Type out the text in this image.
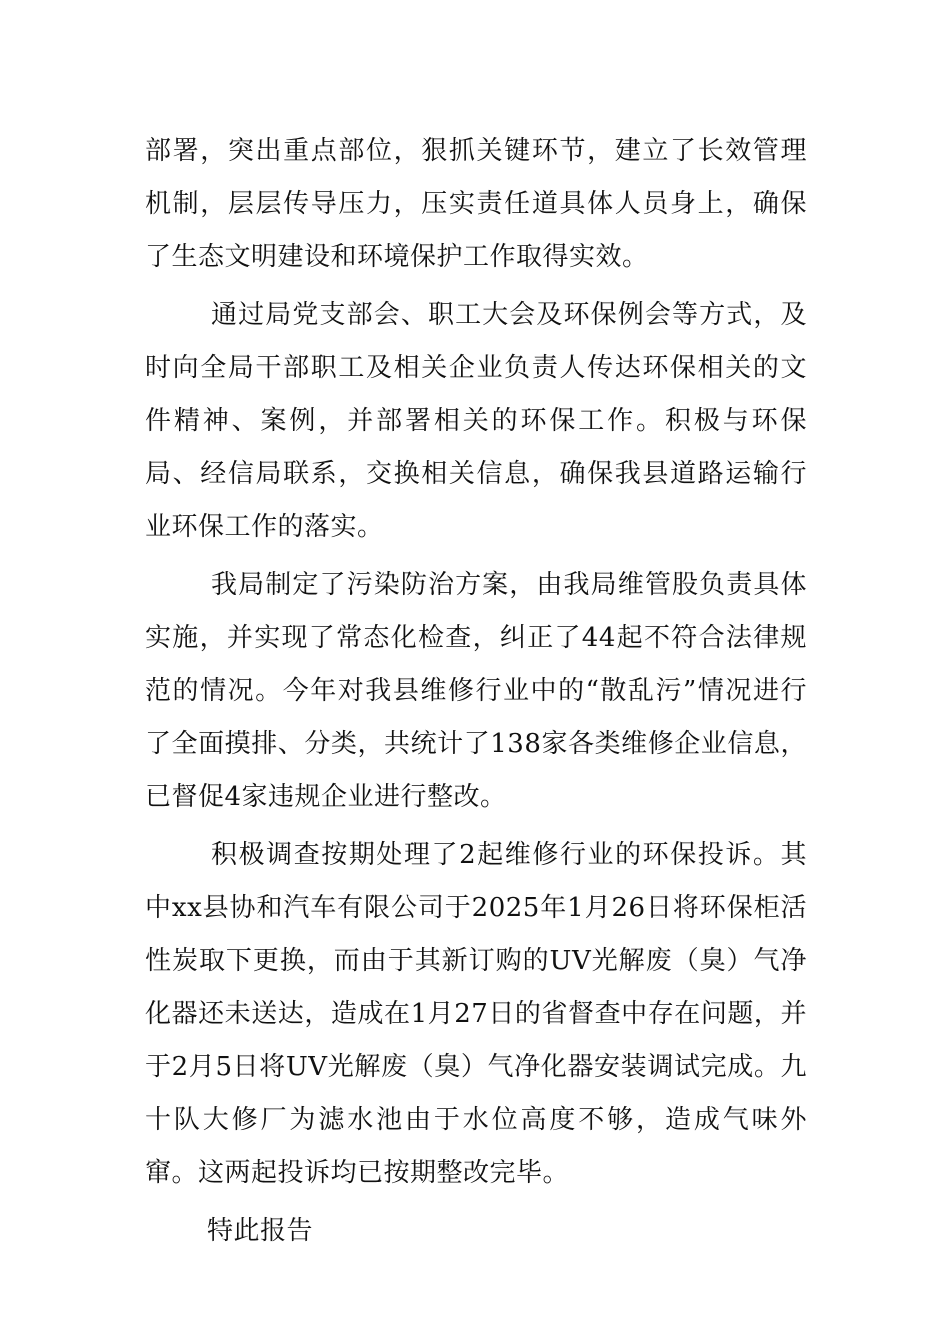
部署，突出重点部位，狠抓关键环节，建立了长效管理机制，层层传导压力，压实责任道具体人员身上，确保了生态文明建设和环境保护工作取得实效。

通过局党支部会、职工大会及环保例会等方式，及时向全局干部职工及相关企业负责人传达环保相关的文件精神、案例，并部署相关的环保工作。积极与环保局、经信局联系，交换相关信息，确保我县道路运输行业环保工作的落实。

我局制定了污染防治方案，由我局维管股负责具体实施，并实现了常态化检查，纠正了44起不符合法律规范的情况。今年对我县维修行业中的“散乱污”情况进行了全面摸排、分类，共统计了138家各类维修企业信息，已督促4家违规企业进行整改。

积极调查按期处理了2起维修行业的环保投诉。其中xx县协和汽车有限公司于2025年1月26日将环保柜活性炭取下更换，而由于其新订购的UV光解废（臭）气净化器还未送达，造成在1月27日的省督查中存在问题，并于2月5日将UV光解废（臭）气净化器安装调试完成。九十队大修厂为滤水池由于水位高度不够，造成气味外窜。这两起投诉均已按期整改完毕。

特此报告
